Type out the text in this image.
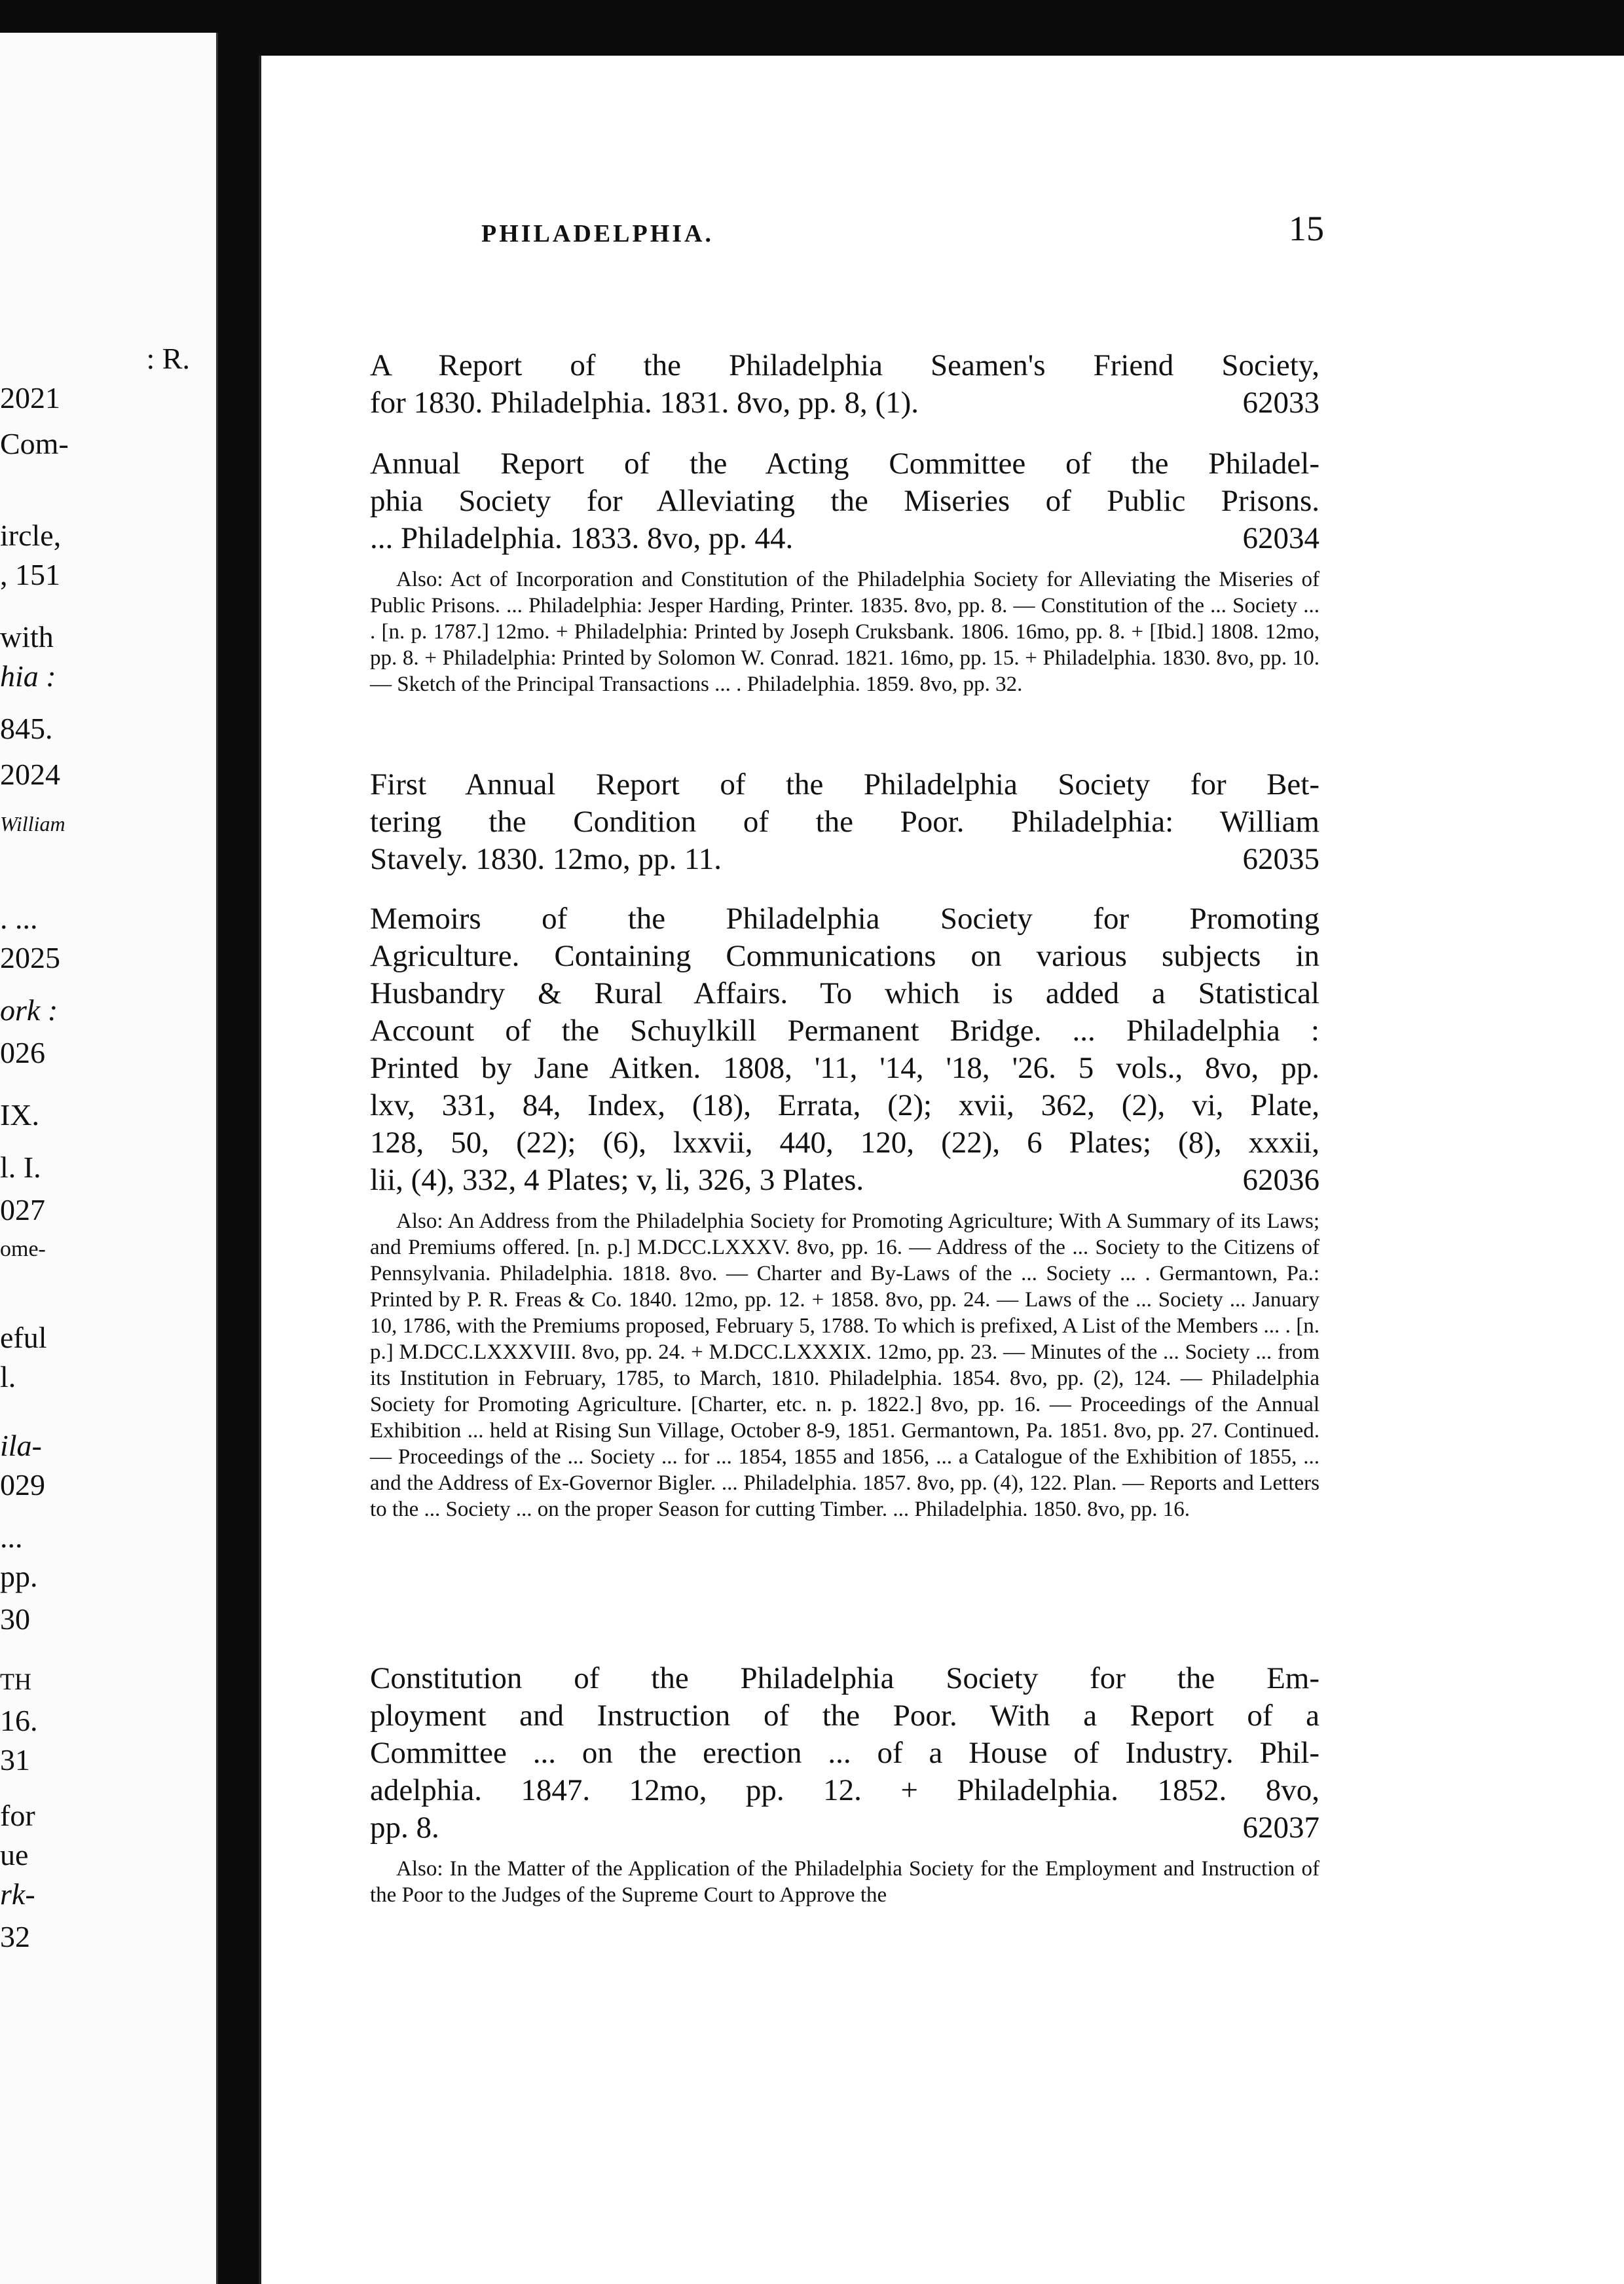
: R.
2021
Com-
ircle,
, 151
with
hia :
845.
2024
William
. ...
2025
ork :
026
IX.
l. I.
027
ome-
eful
l.
ila-
029
...
pp.
30
TH
16.
31
for
ue
rk-
32
PHILADELPHIA.	15

A Report of the Philadelphia Seamen's Friend Society,

for 1830. Philadelphia. 1831. 8vo, pp. 8, (1).	62033

Annual Report of the Acting Committee of the Philadel-

phia Society for Alleviating the Miseries of Public Prisons.

... Philadelphia. 1833. 8vo, pp. 44.	62034

Also: Act of Incorporation and Constitution of the Philadelphia Society for Alleviating the Miseries of Public Prisons. ... Philadelphia: Jesper Harding, Printer. 1835. 8vo, pp. 8. — Constitution of the ... Society ... . [n. p. 1787.] 12mo. + Philadelphia: Printed by Joseph Cruksbank. 1806. 16mo, pp. 8. + [Ibid.] 1808. 12mo, pp. 8. + Philadelphia: Printed by Solomon W. Conrad. 1821. 16mo, pp. 15. + Philadelphia. 1830. 8vo, pp. 10. — Sketch of the Principal Transactions ... . Philadelphia. 1859. 8vo, pp. 32.

First Annual Report of the Philadelphia Society for Bet-

tering the Condition of the Poor. Philadelphia: William

Stavely. 1830. 12mo, pp. 11.	62035

Memoirs of the Philadelphia Society for Promoting

Agriculture. Containing Communications on various subjects in

Husbandry & Rural Affairs. To which is added a Statistical

Account of the Schuylkill Permanent Bridge. ... Philadelphia :

Printed by Jane Aitken. 1808, '11, '14, '18, '26. 5 vols., 8vo, pp.

lxv, 331, 84, Index, (18), Errata, (2); xvii, 362, (2), vi, Plate,

128, 50, (22); (6), lxxvii, 440, 120, (22), 6 Plates; (8), xxxii,

lii, (4), 332, 4 Plates; v, li, 326, 3 Plates.	62036

Also: An Address from the Philadelphia Society for Promoting Agriculture; With A Summary of its Laws; and Premiums offered. [n. p.] M.DCC.LXXXV. 8vo, pp. 16. — Address of the ... Society to the Citizens of Pennsylvania. Philadelphia. 1818. 8vo. — Charter and By-Laws of the ... Society ... . Germantown, Pa.: Printed by P. R. Freas & Co. 1840. 12mo, pp. 12. + 1858. 8vo, pp. 24. — Laws of the ... Society ... January 10, 1786, with the Premiums proposed, February 5, 1788. To which is prefixed, A List of the Members ... . [n. p.] M.DCC.LXXXVIII. 8vo, pp. 24. + M.DCC.LXXXIX. 12mo, pp. 23. — Minutes of the ... Society ... from its Institution in February, 1785, to March, 1810. Philadelphia. 1854. 8vo, pp. (2), 124. — Philadelphia Society for Promoting Agriculture. [Charter, etc. n. p. 1822.] 8vo, pp. 16. — Proceedings of the Annual Exhibition ... held at Rising Sun Village, October 8-9, 1851. Germantown, Pa. 1851. 8vo, pp. 27. Continued. — Proceedings of the ... Society ... for ... 1854, 1855 and 1856, ... a Catalogue of the Exhibition of 1855, ... and the Address of Ex-Governor Bigler. ... Philadelphia. 1857. 8vo, pp. (4), 122. Plan. — Reports and Letters to the ... Society ... on the proper Season for cutting Timber. ... Philadelphia. 1850. 8vo, pp. 16.

Constitution of the Philadelphia Society for the Em-

ployment and Instruction of the Poor. With a Report of a

Committee ... on the erection ... of a House of Industry. Phil-

adelphia. 1847. 12mo, pp. 12. + Philadelphia. 1852. 8vo,

pp. 8.	62037

Also: In the Matter of the Application of the Philadelphia Society for the Employment and Instruction of the Poor to the Judges of the Supreme Court to Approve the
